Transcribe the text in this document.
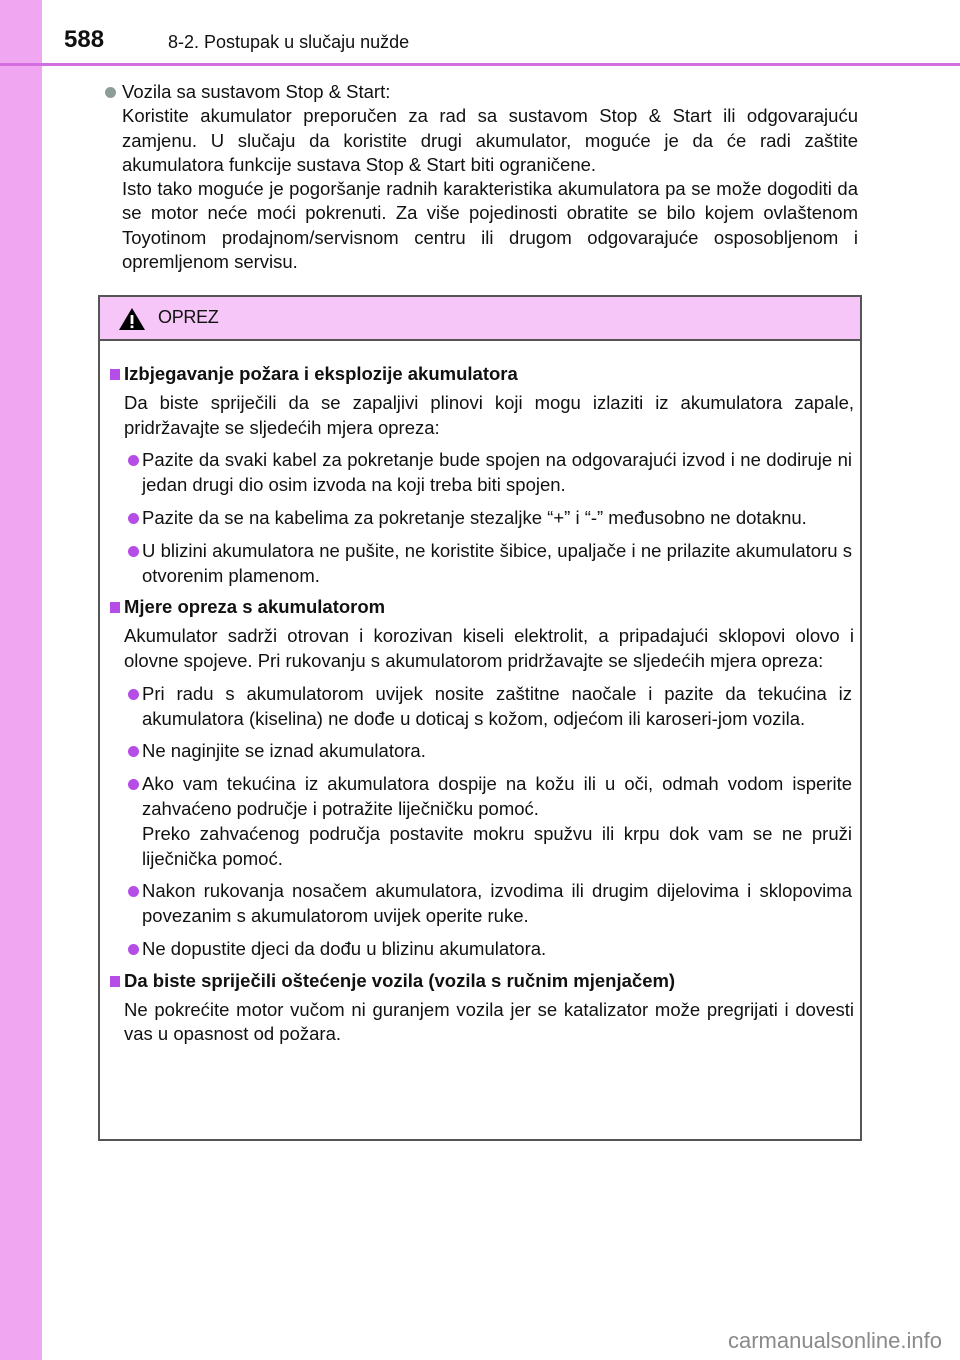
588	8-2. Postupak u slučaju nužde
Vozila sa sustavom Stop & Start:

Koristite akumulator preporučen za rad sa sustavom Stop & Start ili odgovarajuću zamjenu. U slučaju da koristite drugi akumulator, moguće je da će radi zaštite akumulatora funkcije sustava Stop & Start biti ograničene.

Isto tako moguće je pogoršanje radnih karakteristika akumulatora pa se može dogoditi da se motor neće moći pokrenuti. Za više pojedinosti obratite se bilo kojem ovlaštenom Toyotinom prodajnom/servisnom centru ili drugom odgovarajuće osposobljenom i opremljenom servisu.

OPREZ
Izbjegavanje požara i eksplozije akumulatora
Da biste spriječili da se zapaljivi plinovi koji mogu izlaziti iz akumulatora zapale, pridržavajte se sljedećih mjera opreza:
Pazite da svaki kabel za pokretanje bude spojen na odgovarajući izvod i ne dodiruje ni jedan drugi dio osim izvoda na koji treba biti spojen.
Pazite da se na kabelima za pokretanje stezaljke “+” i “-” međusobno ne dotaknu.
U blizini akumulatora ne pušite, ne koristite šibice, upaljače i ne prilazite akumulatoru s otvorenim plamenom.
Mjere opreza s akumulatorom
Akumulator sadrži otrovan i korozivan kiseli elektrolit, a pripadajući sklopovi olovo i olovne spojeve. Pri rukovanju s akumulatorom pridržavajte se sljedećih mjera opreza:
Pri radu s akumulatorom uvijek nosite zaštitne naočale i pazite da tekućina iz akumulatora (kiselina) ne dođe u doticaj s kožom, odjećom ili karoseri-jom vozila.
Ne naginjite se iznad akumulatora.
Ako vam tekućina iz akumulatora dospije na kožu ili u oči, odmah vodom isperite zahvaćeno područje i potražite liječničku pomoć.
Preko zahvaćenog područja postavite mokru spužvu ili krpu dok vam se ne pruži liječnička pomoć.
Nakon rukovanja nosačem akumulatora, izvodima ili drugim dijelovima i sklopovima povezanim s akumulatorom uvijek operite ruke.
Ne dopustite djeci da dođu u blizinu akumulatora.
Da biste spriječili oštećenje vozila (vozila s ručnim mjenjačem)
Ne pokrećite motor vučom ni guranjem vozila jer se katalizator može pregrijati i dovesti vas u opasnost od požara.
carmanualsonline.info
